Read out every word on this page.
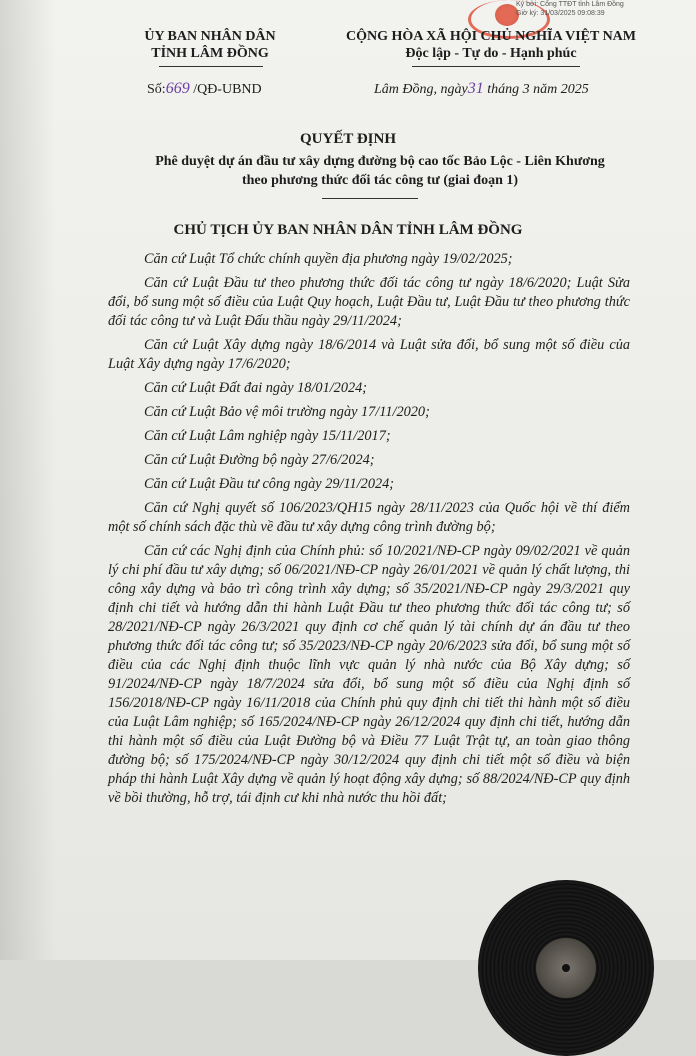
Ký bởi: Cổng TTĐT tỉnh Lâm Đồng
Giờ ký: 31/03/2025 09:08:39
ỦY BAN NHÂN DÂN
TỈNH LÂM ĐỒNG
CỘNG HÒA XÃ HỘI CHỦ NGHĨA VIỆT NAM
Độc lập - Tự do - Hạnh phúc
Số:669 /QĐ-UBND	Lâm Đồng, ngày31 tháng 3 năm 2025
QUYẾT ĐỊNH
Phê duyệt dự án đầu tư xây dựng đường bộ cao tốc Bảo Lộc - Liên Khương
theo phương thức đối tác công tư (giai đoạn 1)
CHỦ TỊCH ỦY BAN NHÂN DÂN TỈNH LÂM ĐỒNG

Căn cứ Luật Tổ chức chính quyền địa phương ngày 19/02/2025;

Căn cứ Luật Đầu tư theo phương thức đối tác công tư ngày 18/6/2020; Luật Sửa đổi, bổ sung một số điều của Luật Quy hoạch, Luật Đầu tư, Luật Đầu tư theo phương thức đối tác công tư và Luật Đấu thầu ngày 29/11/2024;

Căn cứ Luật Xây dựng ngày 18/6/2014 và Luật sửa đổi, bổ sung một số điều của Luật Xây dựng ngày 17/6/2020;

Căn cứ Luật Đất đai ngày 18/01/2024;

Căn cứ Luật Bảo vệ môi trường ngày 17/11/2020;

Căn cứ Luật Lâm nghiệp ngày 15/11/2017;

Căn cứ Luật Đường bộ ngày 27/6/2024;

Căn cứ Luật Đầu tư công ngày 29/11/2024;

Căn cứ Nghị quyết số 106/2023/QH15 ngày 28/11/2023 của Quốc hội về thí điểm một số chính sách đặc thù về đầu tư xây dựng công trình đường bộ;

Căn cứ các Nghị định của Chính phủ: số 10/2021/NĐ-CP ngày 09/02/2021 về quản lý chi phí đầu tư xây dựng; số 06/2021/NĐ-CP ngày 26/01/2021 về quản lý chất lượng, thi công xây dựng và bảo trì công trình xây dựng; số 35/2021/NĐ-CP ngày 29/3/2021 quy định chi tiết và hướng dẫn thi hành Luật Đầu tư theo phương thức đối tác công tư; số 28/2021/NĐ-CP ngày 26/3/2021 quy định cơ chế quản lý tài chính dự án đầu tư theo phương thức đối tác công tư; số 35/2023/NĐ-CP ngày 20/6/2023 sửa đổi, bổ sung một số điều của các Nghị định thuộc lĩnh vực quản lý nhà nước của Bộ Xây dựng; số 91/2024/NĐ-CP ngày 18/7/2024 sửa đổi, bổ sung một số điều của Nghị định số 156/2018/NĐ-CP ngày 16/11/2018 của Chính phủ quy định chi tiết thi hành một số điều của Luật Lâm nghiệp; số 165/2024/NĐ-CP ngày 26/12/2024 quy định chi tiết, hướng dẫn thi hành một số điều của Luật Đường bộ và Điều 77 Luật Trật tự, an toàn giao thông đường bộ; số 175/2024/NĐ-CP ngày 30/12/2024 quy định chi tiết một số điều và biện pháp thi hành Luật Xây dựng về quản lý hoạt động xây dựng; số 88/2024/NĐ-CP quy định về bồi thường, hỗ trợ, tái định cư khi nhà nước thu hồi đất;
